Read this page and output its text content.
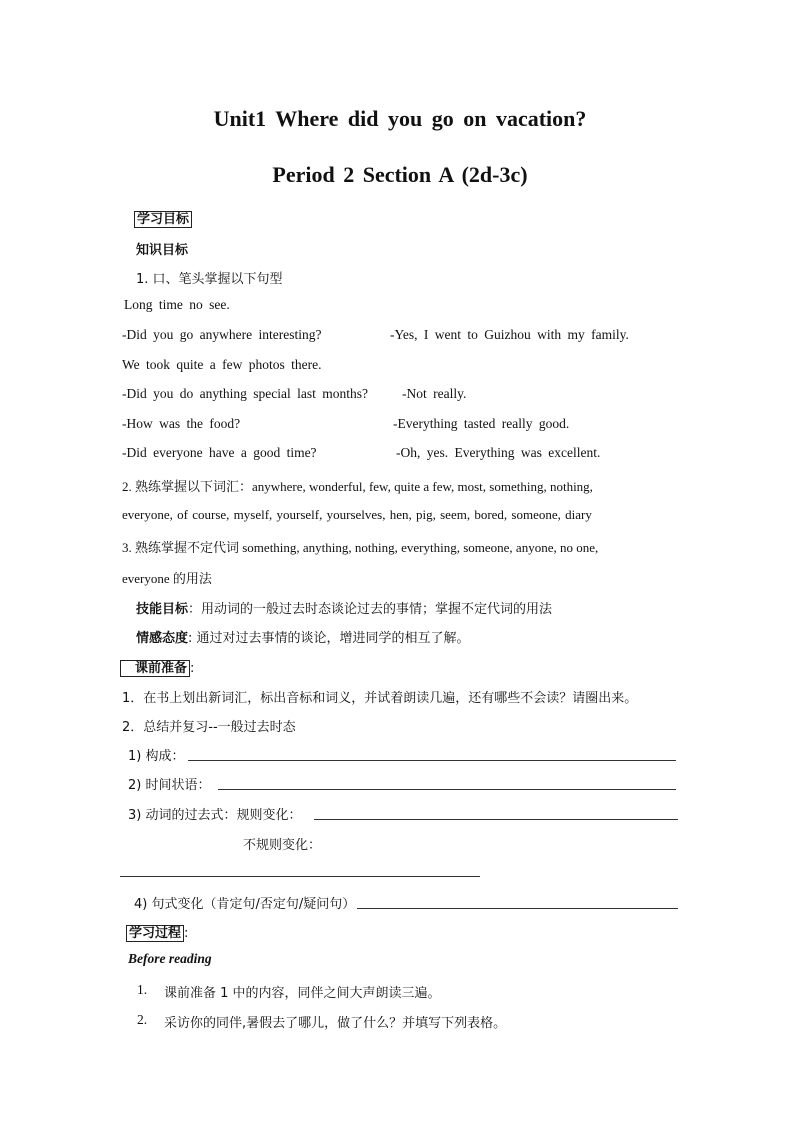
Unit1 Where did you go on vacation?
Period 2 Section A (2d-3c)
学习目标
知识目标
1. 口、笔头掌握以下句型
Long time no see.
-Did you go anywhere interesting?	-Yes, I went to Guizhou with my family.
We took quite a few photos there.
-Did you do anything special last months?	-Not really.
-How was the food?	-Everything tasted really good.
-Did everyone have a good time?	-Oh, yes. Everything was excellent.
2. 熟练掌握以下词汇：anywhere, wonderful, few, quite a few, most, something, nothing,
everyone, of course, myself, yourself, yourselves, hen, pig, seem, bored, someone, diary
3. 熟练掌握不定代词 something, anything, nothing, everything, someone, anyone, no one,
everyone 的用法
技能目标：用动词的一般过去时态谈论过去的事情；掌握不定代词的用法
情感态度: 通过对过去事情的谈论，增进同学的相互了解。
课前准备 :
1．在书上划出新词汇，标出音标和词义，并试着朗读几遍，还有哪些不会读？请圈出来。
2．总结并复习--一般过去时态
1) 构成：
2) 时间状语：
3) 动词的过去式：规则变化：
不规则变化：
4) 句式变化（肯定句/否定句/疑问句）
学习过程 :
Before reading
1. 课前准备 1 中的内容，同伴之间大声朗读三遍。
2. 采访你的同伴,暑假去了哪儿，做了什么？并填写下列表格。
